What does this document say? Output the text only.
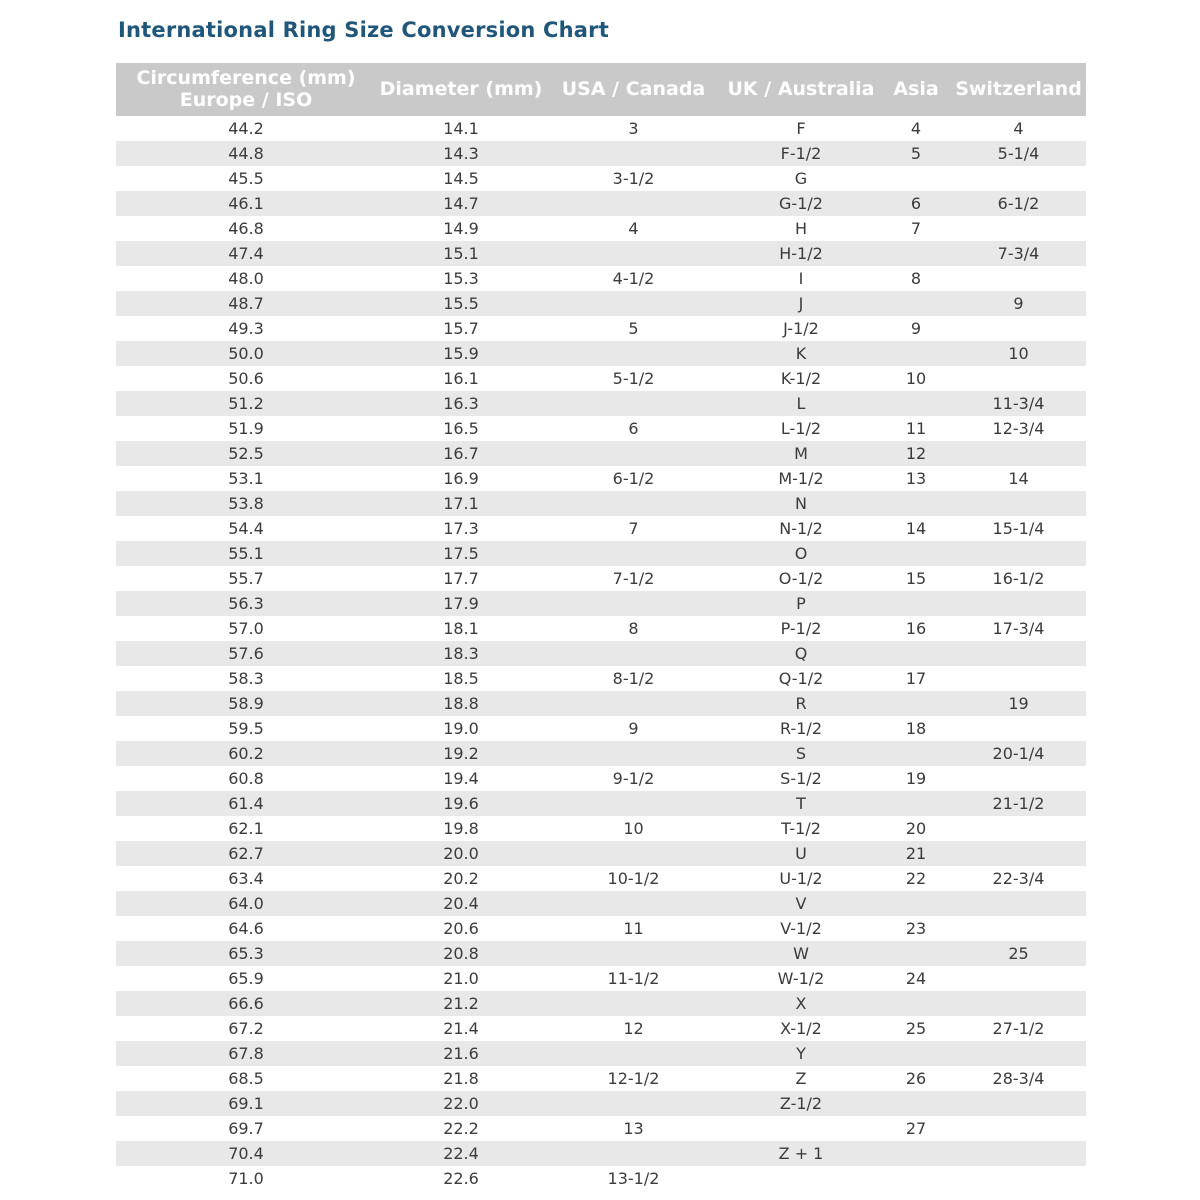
International Ring Size Conversion Chart
Circumference (mm)
Europe / ISO	Diameter (mm)	USA / Canada	UK / Australia	Asia	Switzerland

44.2	14.1	3	F	4	4
44.8	14.3		F-1/2	5	5-1/4
45.5	14.5	3-1/2	G		
46.1	14.7		G-1/2	6	6-1/2
46.8	14.9	4	H	7	
47.4	15.1		H-1/2		7-3/4
48.0	15.3	4-1/2	I	8	
48.7	15.5		J		9
49.3	15.7	5	J-1/2	9	
50.0	15.9		K		10
50.6	16.1	5-1/2	K-1/2	10	
51.2	16.3		L		11-3/4
51.9	16.5	6	L-1/2	11	12-3/4
52.5	16.7		M	12	
53.1	16.9	6-1/2	M-1/2	13	14
53.8	17.1		N		
54.4	17.3	7	N-1/2	14	15-1/4
55.1	17.5		O		
55.7	17.7	7-1/2	O-1/2	15	16-1/2
56.3	17.9		P		
57.0	18.1	8	P-1/2	16	17-3/4
57.6	18.3		Q		
58.3	18.5	8-1/2	Q-1/2	17	
58.9	18.8		R		19
59.5	19.0	9	R-1/2	18	
60.2	19.2		S		20-1/4
60.8	19.4	9-1/2	S-1/2	19	
61.4	19.6		T		21-1/2
62.1	19.8	10	T-1/2	20	
62.7	20.0		U	21	
63.4	20.2	10-1/2	U-1/2	22	22-3/4
64.0	20.4		V		
64.6	20.6	11	V-1/2	23	
65.3	20.8		W		25
65.9	21.0	11-1/2	W-1/2	24	
66.6	21.2		X		
67.2	21.4	12	X-1/2	25	27-1/2
67.8	21.6		Y		
68.5	21.8	12-1/2	Z	26	28-3/4
69.1	22.0		Z-1/2		
69.7	22.2	13		27	
70.4	22.4		Z + 1		
71.0	22.6	13-1/2			
